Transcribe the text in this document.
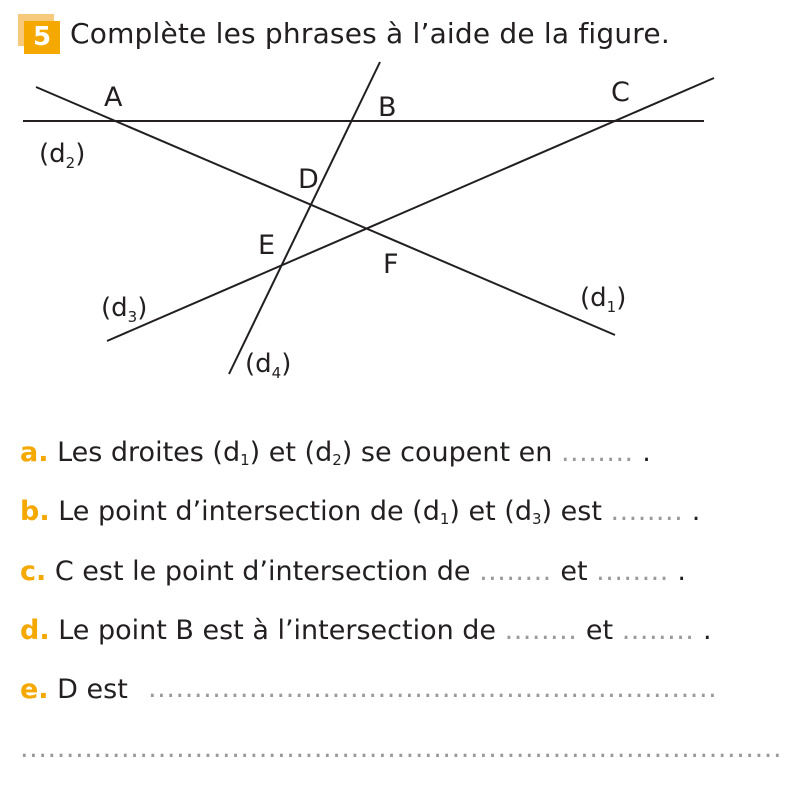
5 Complète les phrases à l’aide de la figure.
A	B	C
D
E
F
$(d_2)$
$(d_3)$	$(d_1)$
$(d_4)$
a. Les droites $(d_1)$ et $(d_2)$ se coupent en ........ .
b. Le point d’intersection de $(d_1)$ et $(d_3)$ est ........ .
c. C est le point d’intersection de ........ et ........ .
d. Le point B est à l’intersection de ........ et ........ .
e. D est ..............................................................
...................................................................................
